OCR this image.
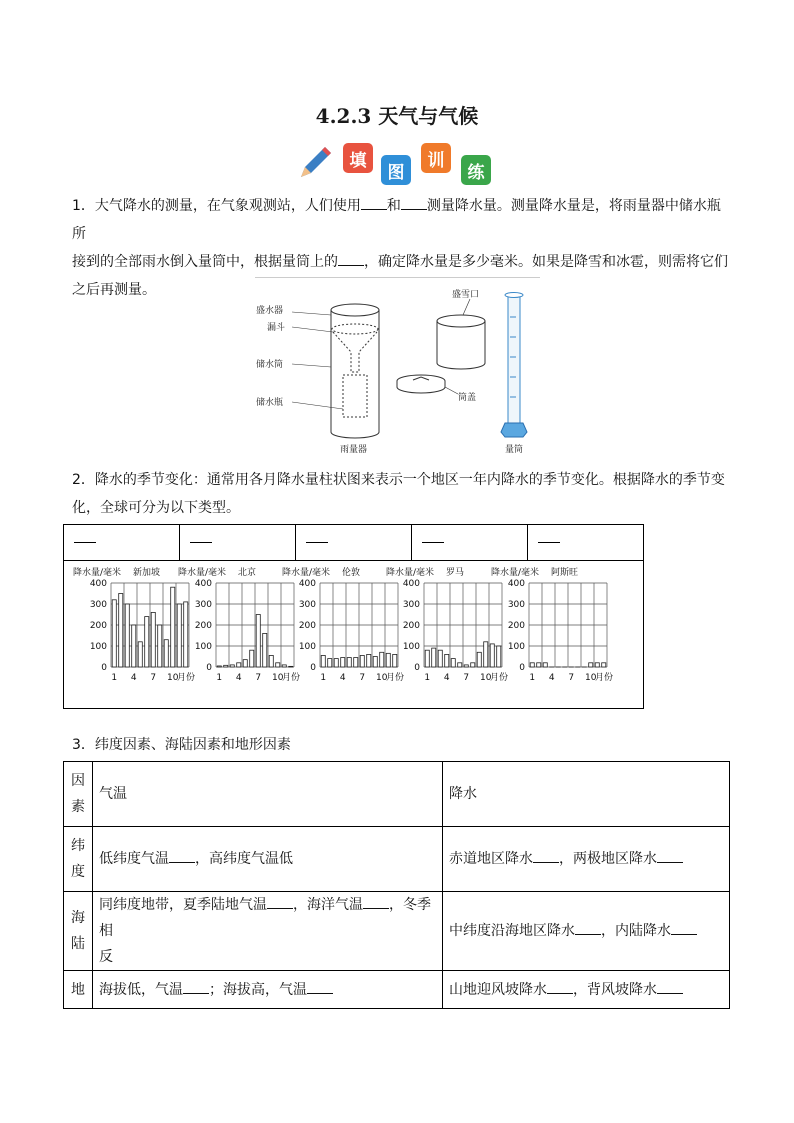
4.2.3 天气与气候
填
图
训
练
1．大气降水的测量，在气象观测站，人们使用 和 测量降水量。测量降水量是，将雨量器中储水瓶所
接到的全部雨水倒入量筒中，根据量筒上的 ，确定降水量是多少毫米。如果是降雪和冰雹，则需将它们
之后再测量。
盛水器
漏斗
储水筒
储水瓶
雨量器
盛雪口
筒盖
量筒
2．降水的季节变化：通常用各月降水量柱状图来表示一个地区一年内降水的季节变化。根据降水的季节变
化，全球可分为以下类型。
降水量/毫米 新加坡
400
300
200
100
0
1 4 7 10
月份
降水量/毫米 北京
400
300
200
100
0
1 4 7 10
月份
降水量/毫米 伦敦
400
300
200
100
0
1 4 7 10
月份
降水量/毫米 罗马
400
300
200
100
0
1 4 7 10
月份
降水量/毫米 阿斯旺
400
300
200
100
0
1 4 7 10
月份
3．纬度因素、海陆因素和地形因素
因
素	气温	降水
纬
度	低纬度气温 ，高纬度气温低	赤道地区降水 ，两极地区降水
海
陆	同纬度地带，夏季陆地气温 ，海洋气温 ，冬季相
反	中纬度沿海地区降水 ，内陆降水
地	海拔低，气温 ；海拔高，气温	山地迎风坡降水 ，背风坡降水
